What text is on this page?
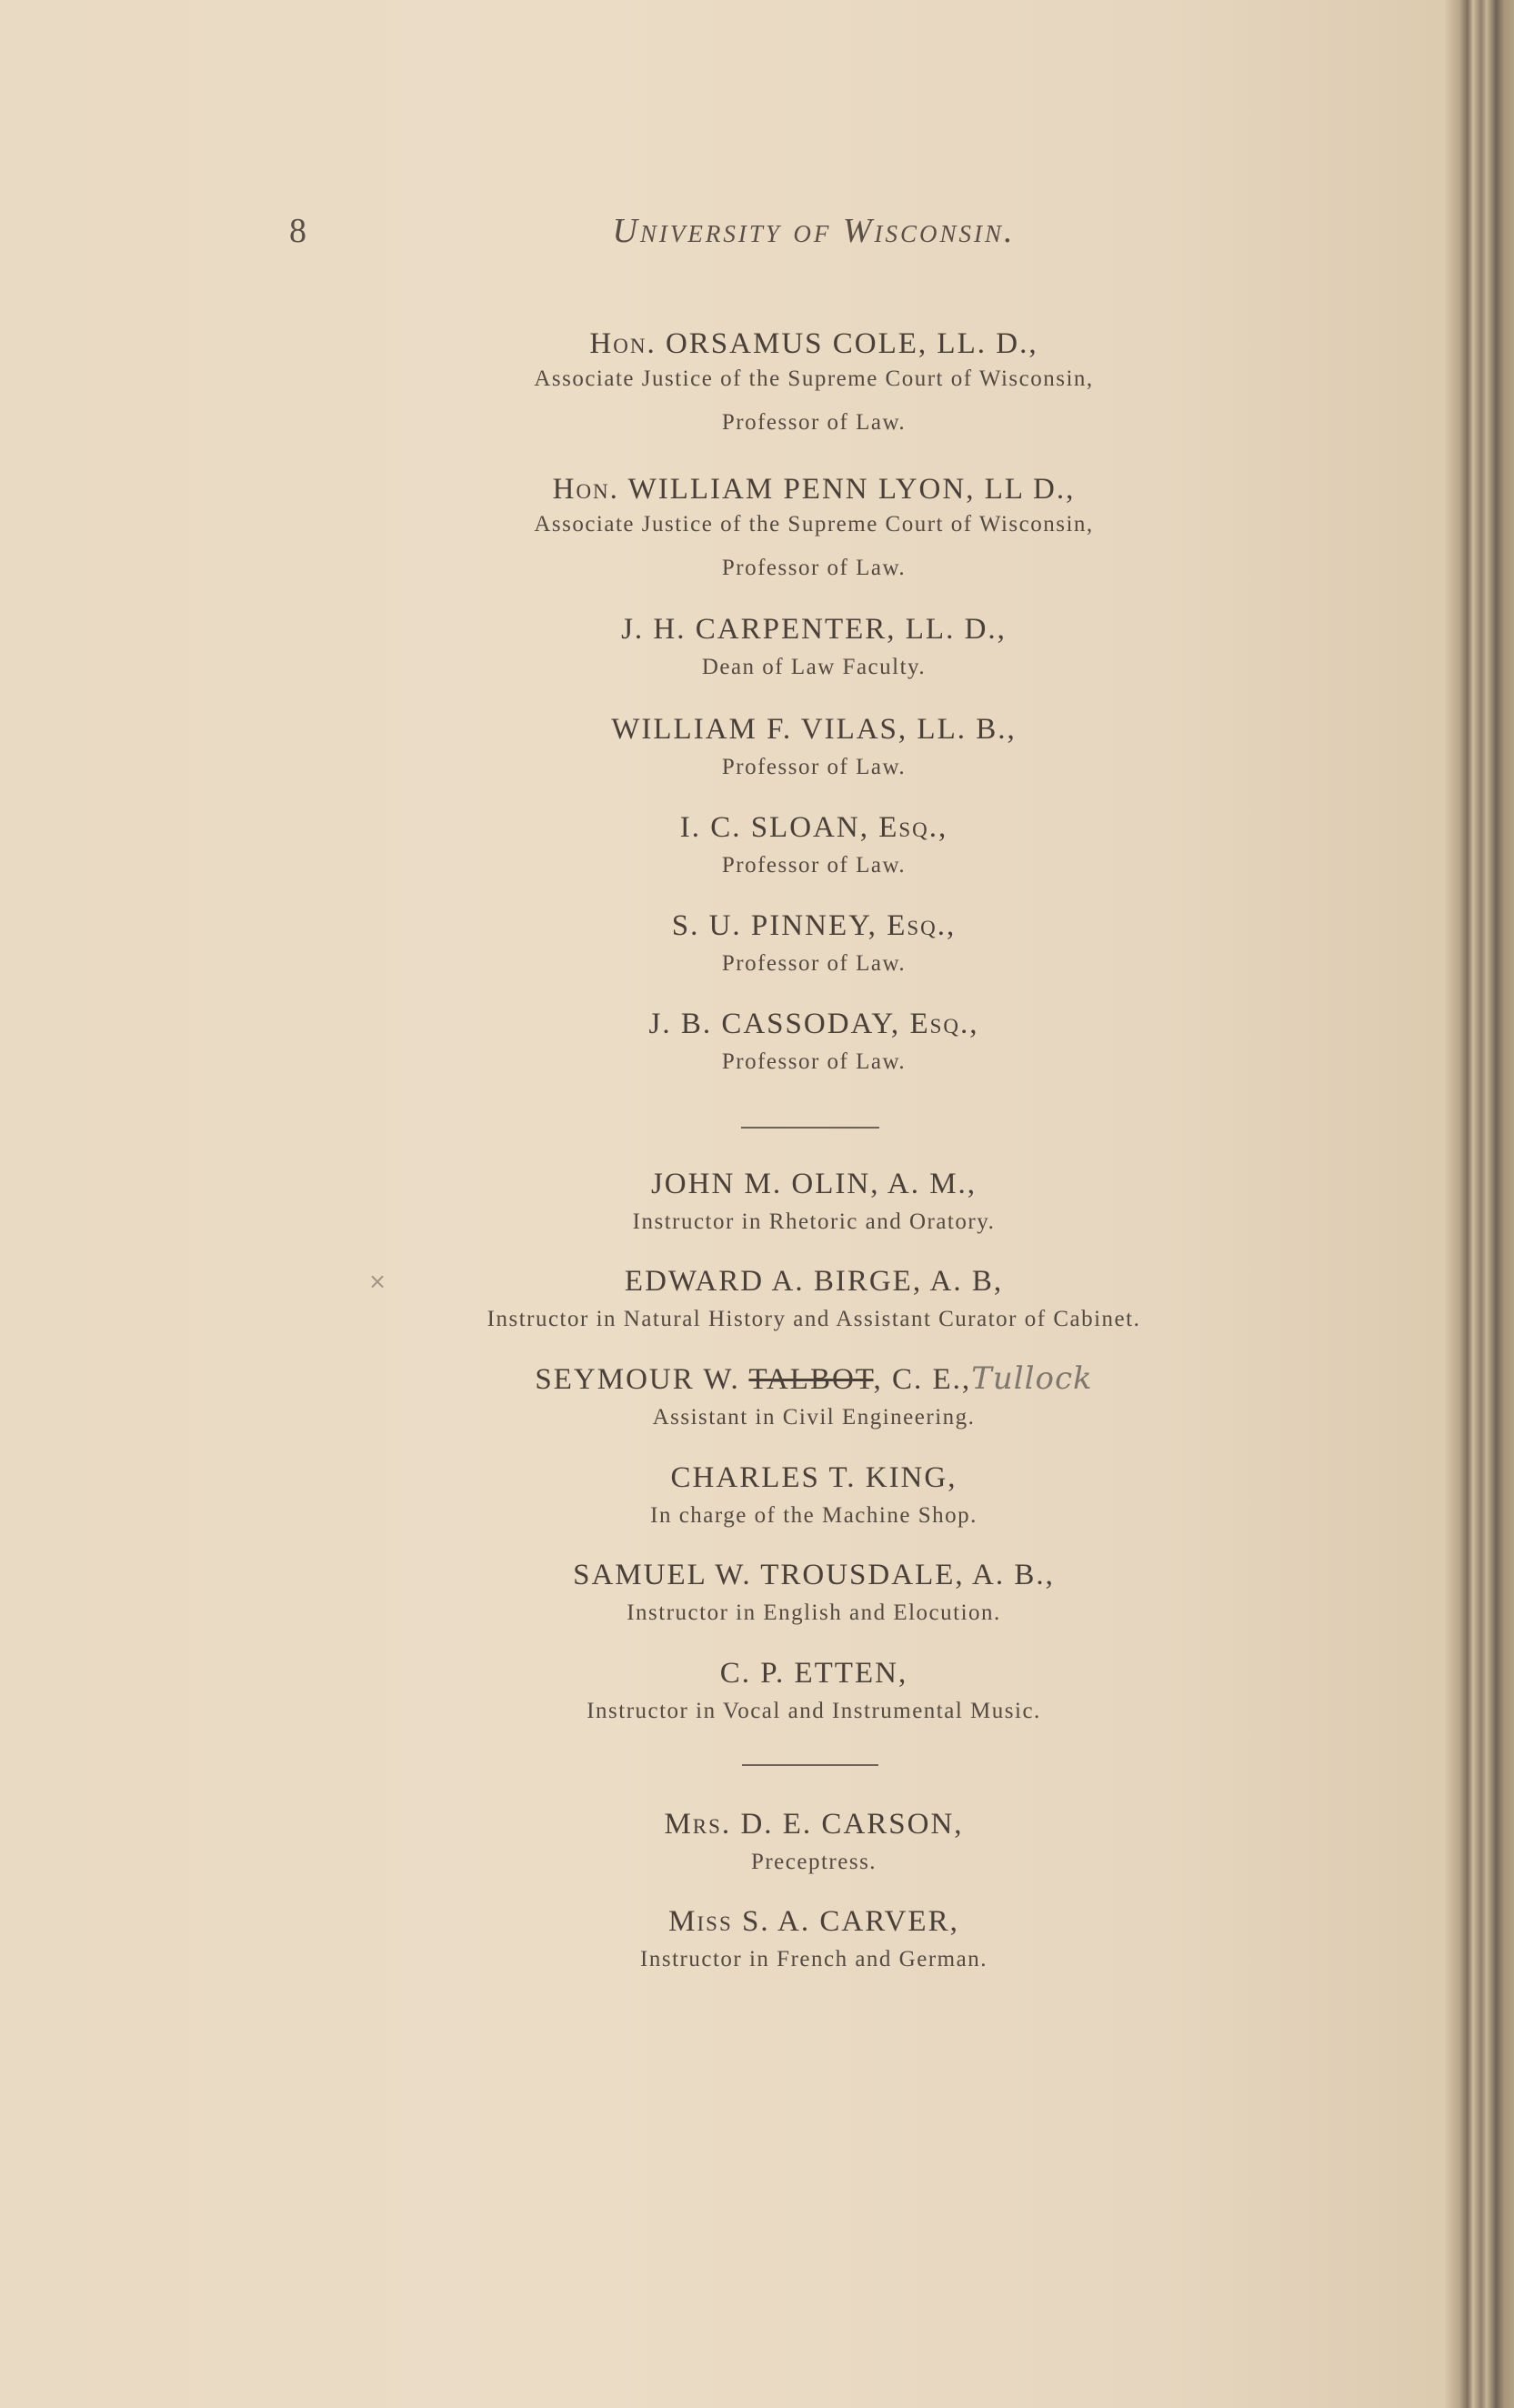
8	University of Wisconsin.
Hon. ORSAMUS COLE, LL. D.,
Associate Justice of the Supreme Court of Wisconsin,
Professor of Law.
Hon. WILLIAM PENN LYON, LL D.,
Associate Justice of the Supreme Court of Wisconsin,
Professor of Law.
J. H. CARPENTER, LL. D.,
Dean of Law Faculty.
WILLIAM F. VILAS, LL. B.,
Professor of Law.
I. C. SLOAN, Esq.,
Professor of Law.
S. U. PINNEY, Esq.,
Professor of Law.
J. B. CASSODAY, Esq.,
Professor of Law.
JOHN M. OLIN, A. M.,
Instructor in Rhetoric and Oratory.
×	EDWARD A. BIRGE, A. B,
Instructor in Natural History and Assistant Curator of Cabinet.
SEYMOUR W. TALBOT, C. E.,Tullock
Assistant in Civil Engineering.
CHARLES T. KING,
In charge of the Machine Shop.
SAMUEL W. TROUSDALE, A. B.,
Instructor in English and Elocution.
C. P. ETTEN,
Instructor in Vocal and Instrumental Music.
Mrs. D. E. CARSON,
Preceptress.
Miss S. A. CARVER,
Instructor in French and German.
